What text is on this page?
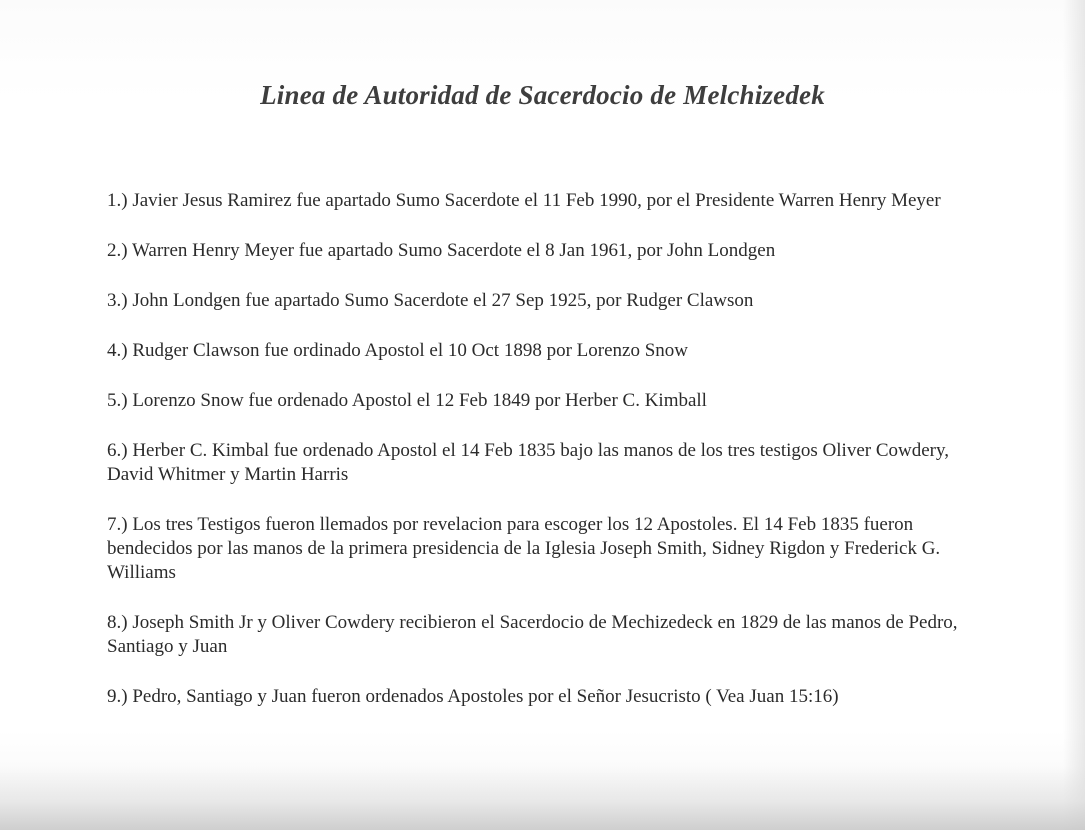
Linea de Autoridad de Sacerdocio de Melchizedek
1.) Javier Jesus Ramirez fue apartado Sumo Sacerdote el 11 Feb 1990, por el Presidente Warren Henry Meyer
2.) Warren Henry Meyer fue apartado Sumo Sacerdote el 8 Jan 1961, por John Londgen
3.) John Londgen fue apartado Sumo Sacerdote el 27 Sep 1925, por Rudger Clawson
4.) Rudger Clawson fue ordinado Apostol el 10 Oct 1898 por Lorenzo Snow
5.) Lorenzo Snow fue ordenado Apostol el 12 Feb 1849 por Herber C. Kimball
6.) Herber C. Kimbal fue ordenado Apostol el 14 Feb 1835 bajo las manos de los tres testigos Oliver Cowdery, David Whitmer y Martin Harris
7.) Los tres Testigos fueron llemados por revelacion para escoger los 12 Apostoles. El 14 Feb 1835 fueron bendecidos por las manos de la primera presidencia de la Iglesia Joseph Smith, Sidney Rigdon y Frederick G. Williams
8.) Joseph Smith Jr y Oliver Cowdery recibieron el Sacerdocio de Mechizedeck en 1829 de las manos de Pedro, Santiago y Juan
9.) Pedro, Santiago y Juan fueron ordenados Apostoles por el Señor Jesucristo ( Vea Juan 15:16)
